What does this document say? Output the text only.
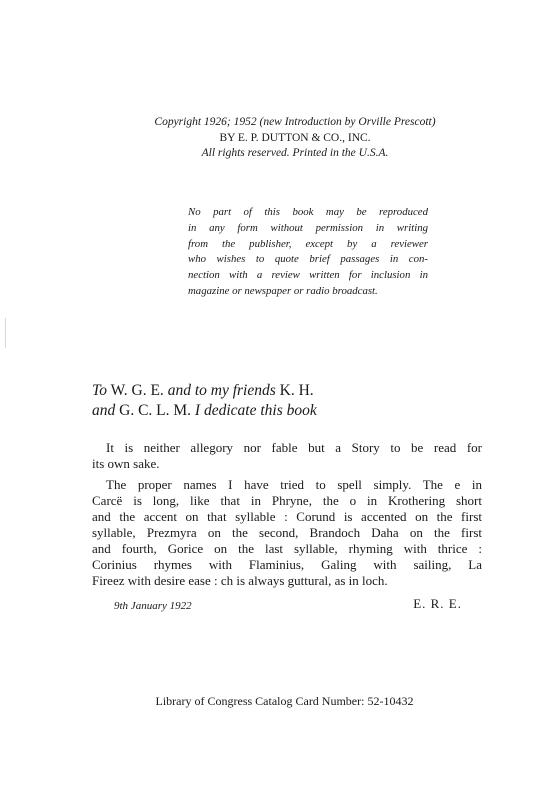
Copyright 1926; 1952 (new Introduction by Orville Prescott)
BY E. P. DUTTON & CO., INC.
All rights reserved. Printed in the U.S.A.
No part of this book may be reproduced
in any form without permission in writing
from the publisher, except by a reviewer
who wishes to quote brief passages in con-
nection with a review written for inclusion in
magazine or newspaper or radio broadcast.
To W. G. E. and to my friends K. H.
and G. C. L. M. I dedicate this book
It is neither allegory nor fable but a Story to be read for
its own sake.
The proper names I have tried to spell simply. The e in
Carcë is long, like that in Phryne, the o in Krothering short
and the accent on that syllable : Corund is accented on the first
syllable, Prezmyra on the second, Brandoch Daha on the first
and fourth, Gorice on the last syllable, rhyming with thrice :
Corinius rhymes with Flaminius, Galing with sailing, La
Fireez with desire ease : ch is always guttural, as in loch.
9th January 1922	E. R. E.
Library of Congress Catalog Card Number: 52-10432
